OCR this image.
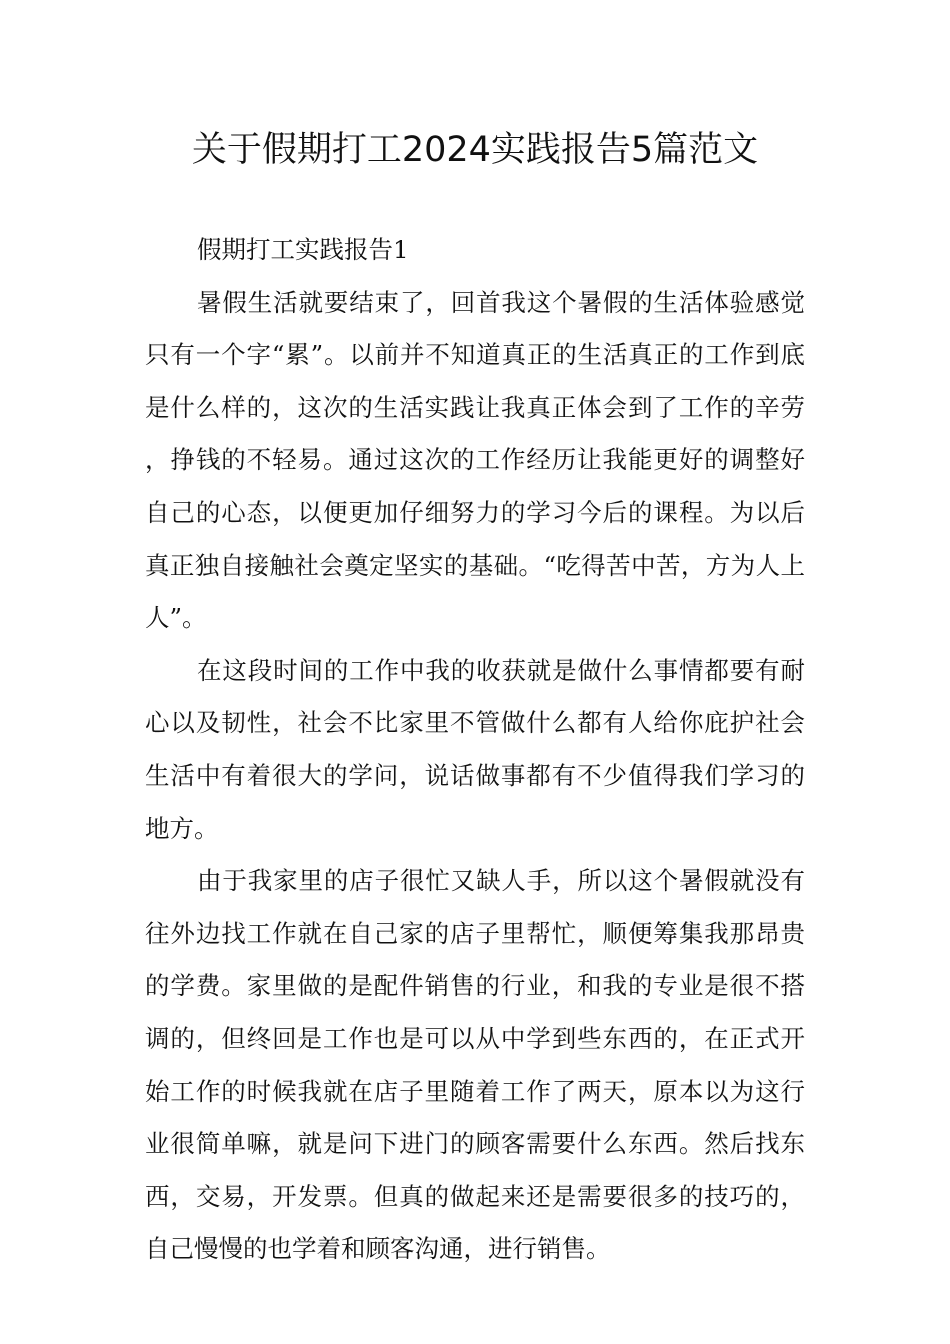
关于假期打工2024实践报告5篇范文

假期打工实践报告1

暑假生活就要结束了，回首我这个暑假的生活体验感觉只有一个字“累”。以前并不知道真正的生活真正的工作到底是什么样的，这次的生活实践让我真正体会到了工作的辛劳，挣钱的不轻易。通过这次的工作经历让我能更好的调整好自己的心态，以便更加仔细努力的学习今后的课程。为以后真正独自接触社会奠定坚实的基础。“吃得苦中苦，方为人上人”。

在这段时间的工作中我的收获就是做什么事情都要有耐心以及韧性，社会不比家里不管做什么都有人给你庇护社会生活中有着很大的学问，说话做事都有不少值得我们学习的地方。

由于我家里的店子很忙又缺人手，所以这个暑假就没有往外边找工作就在自己家的店子里帮忙，顺便筹集我那昂贵的学费。家里做的是配件销售的行业，和我的专业是很不搭调的，但终回是工作也是可以从中学到些东西的，在正式开始工作的时候我就在店子里随着工作了两天，原本以为这行业很简单嘛，就是问下进门的顾客需要什么东西。然后找东西，交易，开发票。但真的做起来还是需要很多的技巧的，自己慢慢的也学着和顾客沟通，进行销售。
